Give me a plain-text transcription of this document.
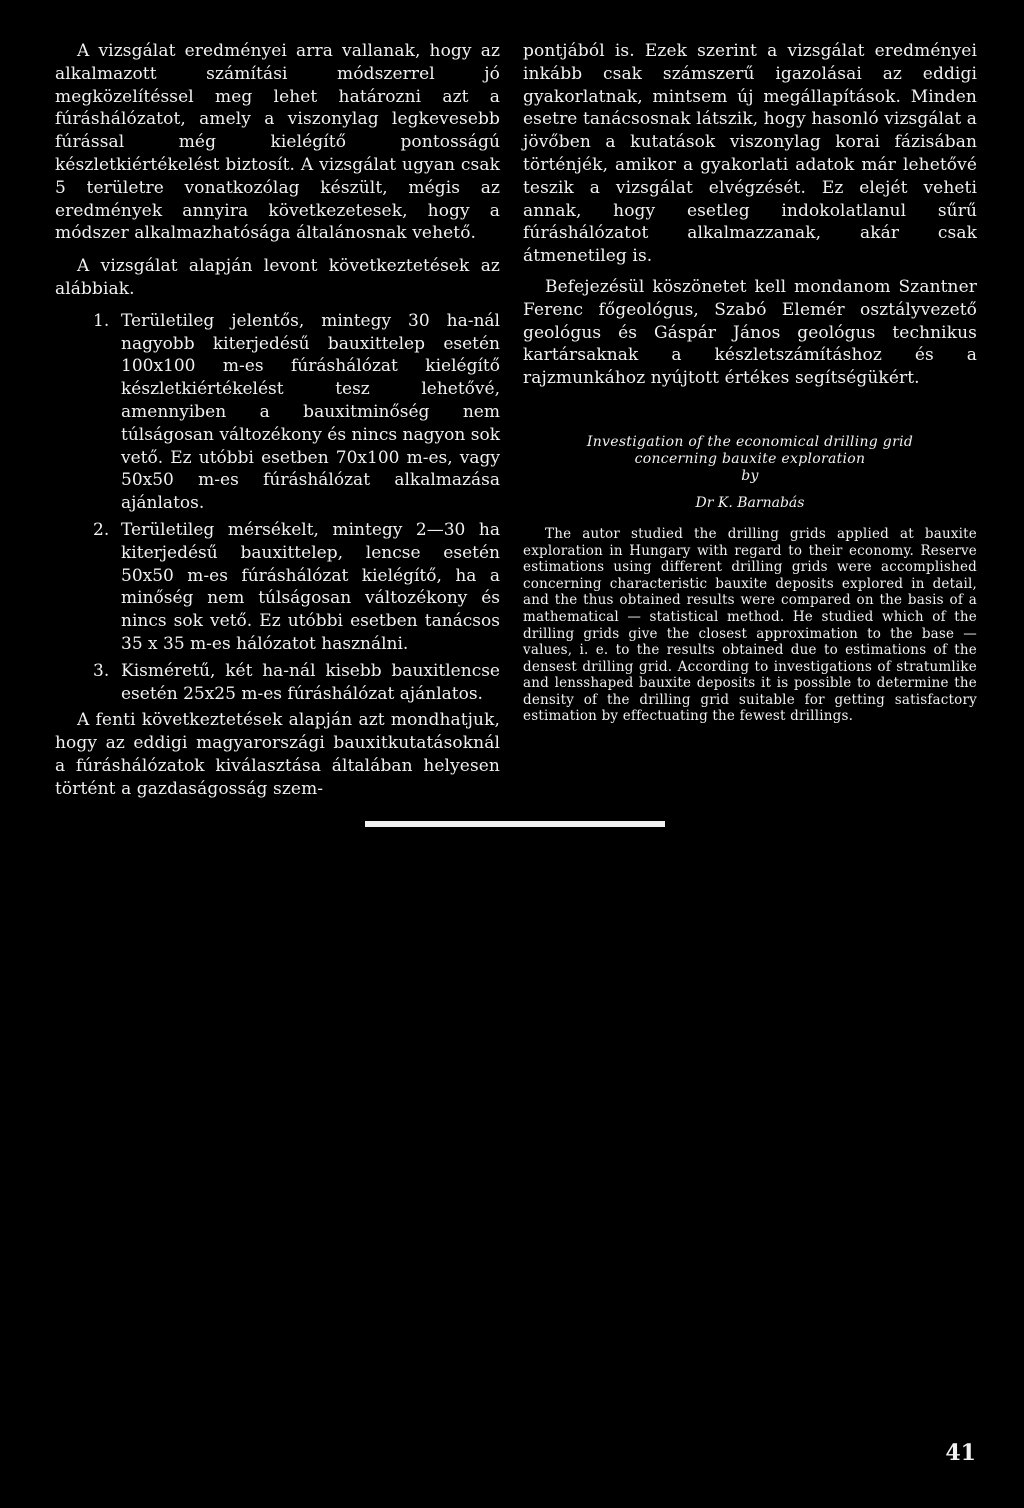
A vizsgálat eredményei arra vallanak, hogy az alkalmazott számítási módszerrel jó megközelítéssel meg lehet határozni azt a fúráshálózatot, amely a viszonylag legkevesebb fúrással még kielégítő pontosságú készletkiértékelést biztosít. A vizsgálat ugyan csak 5 területre vonatkozólag készült, mégis az eredmények annyira következetesek, hogy a módszer alkalmazhatósága általánosnak vehető.

A vizsgálat alapján levont következtetések az alábbiak.

1. Területileg jelentős, mintegy 30 ha-nál nagyobb kiterjedésű bauxittelep esetén 100x100 m-es fúráshálózat kielégítő készletkiértékelést tesz lehetővé, amennyiben a bauxitminőség nem túlságosan változékony és nincs nagyon sok vető. Ez utóbbi esetben 70x100 m-es, vagy 50x50 m-es fúráshálózat alkalmazása ajánlatos.
2. Területileg mérsékelt, mintegy 2—30 ha kiterjedésű bauxittelep, lencse esetén 50x50 m-es fúráshálózat kielégítő, ha a minőség nem túlságosan változékony és nincs sok vető. Ez utóbbi esetben tanácsos 35 x 35 m-es hálózatot használni.
3. Kisméretű, két ha-nál kisebb bauxitlencse esetén 25x25 m-es fúráshálózat ajánlatos.

A fenti következtetések alapján azt mondhatjuk, hogy az eddigi magyarországi bauxitkutatásoknál a fúráshálózatok kiválasztása általában helyesen történt a gazdaságosság szem-

pontjából is. Ezek szerint a vizsgálat eredményei inkább csak számszerű igazolásai az eddigi gyakorlatnak, mintsem új megállapítások. Minden esetre tanácsosnak látszik, hogy hasonló vizsgálat a jövőben a kutatások viszonylag korai fázisában történjék, amikor a gyakorlati adatok már lehetővé teszik a vizsgálat elvégzését. Ez elejét veheti annak, hogy esetleg indokolatlanul sűrű fúráshálózatot alkalmazzanak, akár csak átmenetileg is.

Befejezésül köszönetet kell mondanom Szantner Ferenc főgeológus, Szabó Elemér osztályvezető geológus és Gáspár János geológus technikus kartársaknak a készletszámításhoz és a rajzmunkához nyújtott értékes segítségükért.

Investigation of the economical drilling grid

concerning bauxite exploration

by

Dr K. Barnabás

The autor studied the drilling grids applied at bauxite exploration in Hungary with regard to their economy. Reserve estimations using different drilling grids were accomplished concerning characteristic bauxite deposits explored in detail, and the thus obtained results were compared on the basis of a mathematical — statistical method. He studied which of the drilling grids give the closest approximation to the base — values, i. e. to the results obtained due to estimations of the densest drilling grid. According to investigations of stratumlike and lensshaped bauxite deposits it is possible to determine the density of the drilling grid suitable for getting satisfactory estimation by effectuating the fewest drillings.

41
